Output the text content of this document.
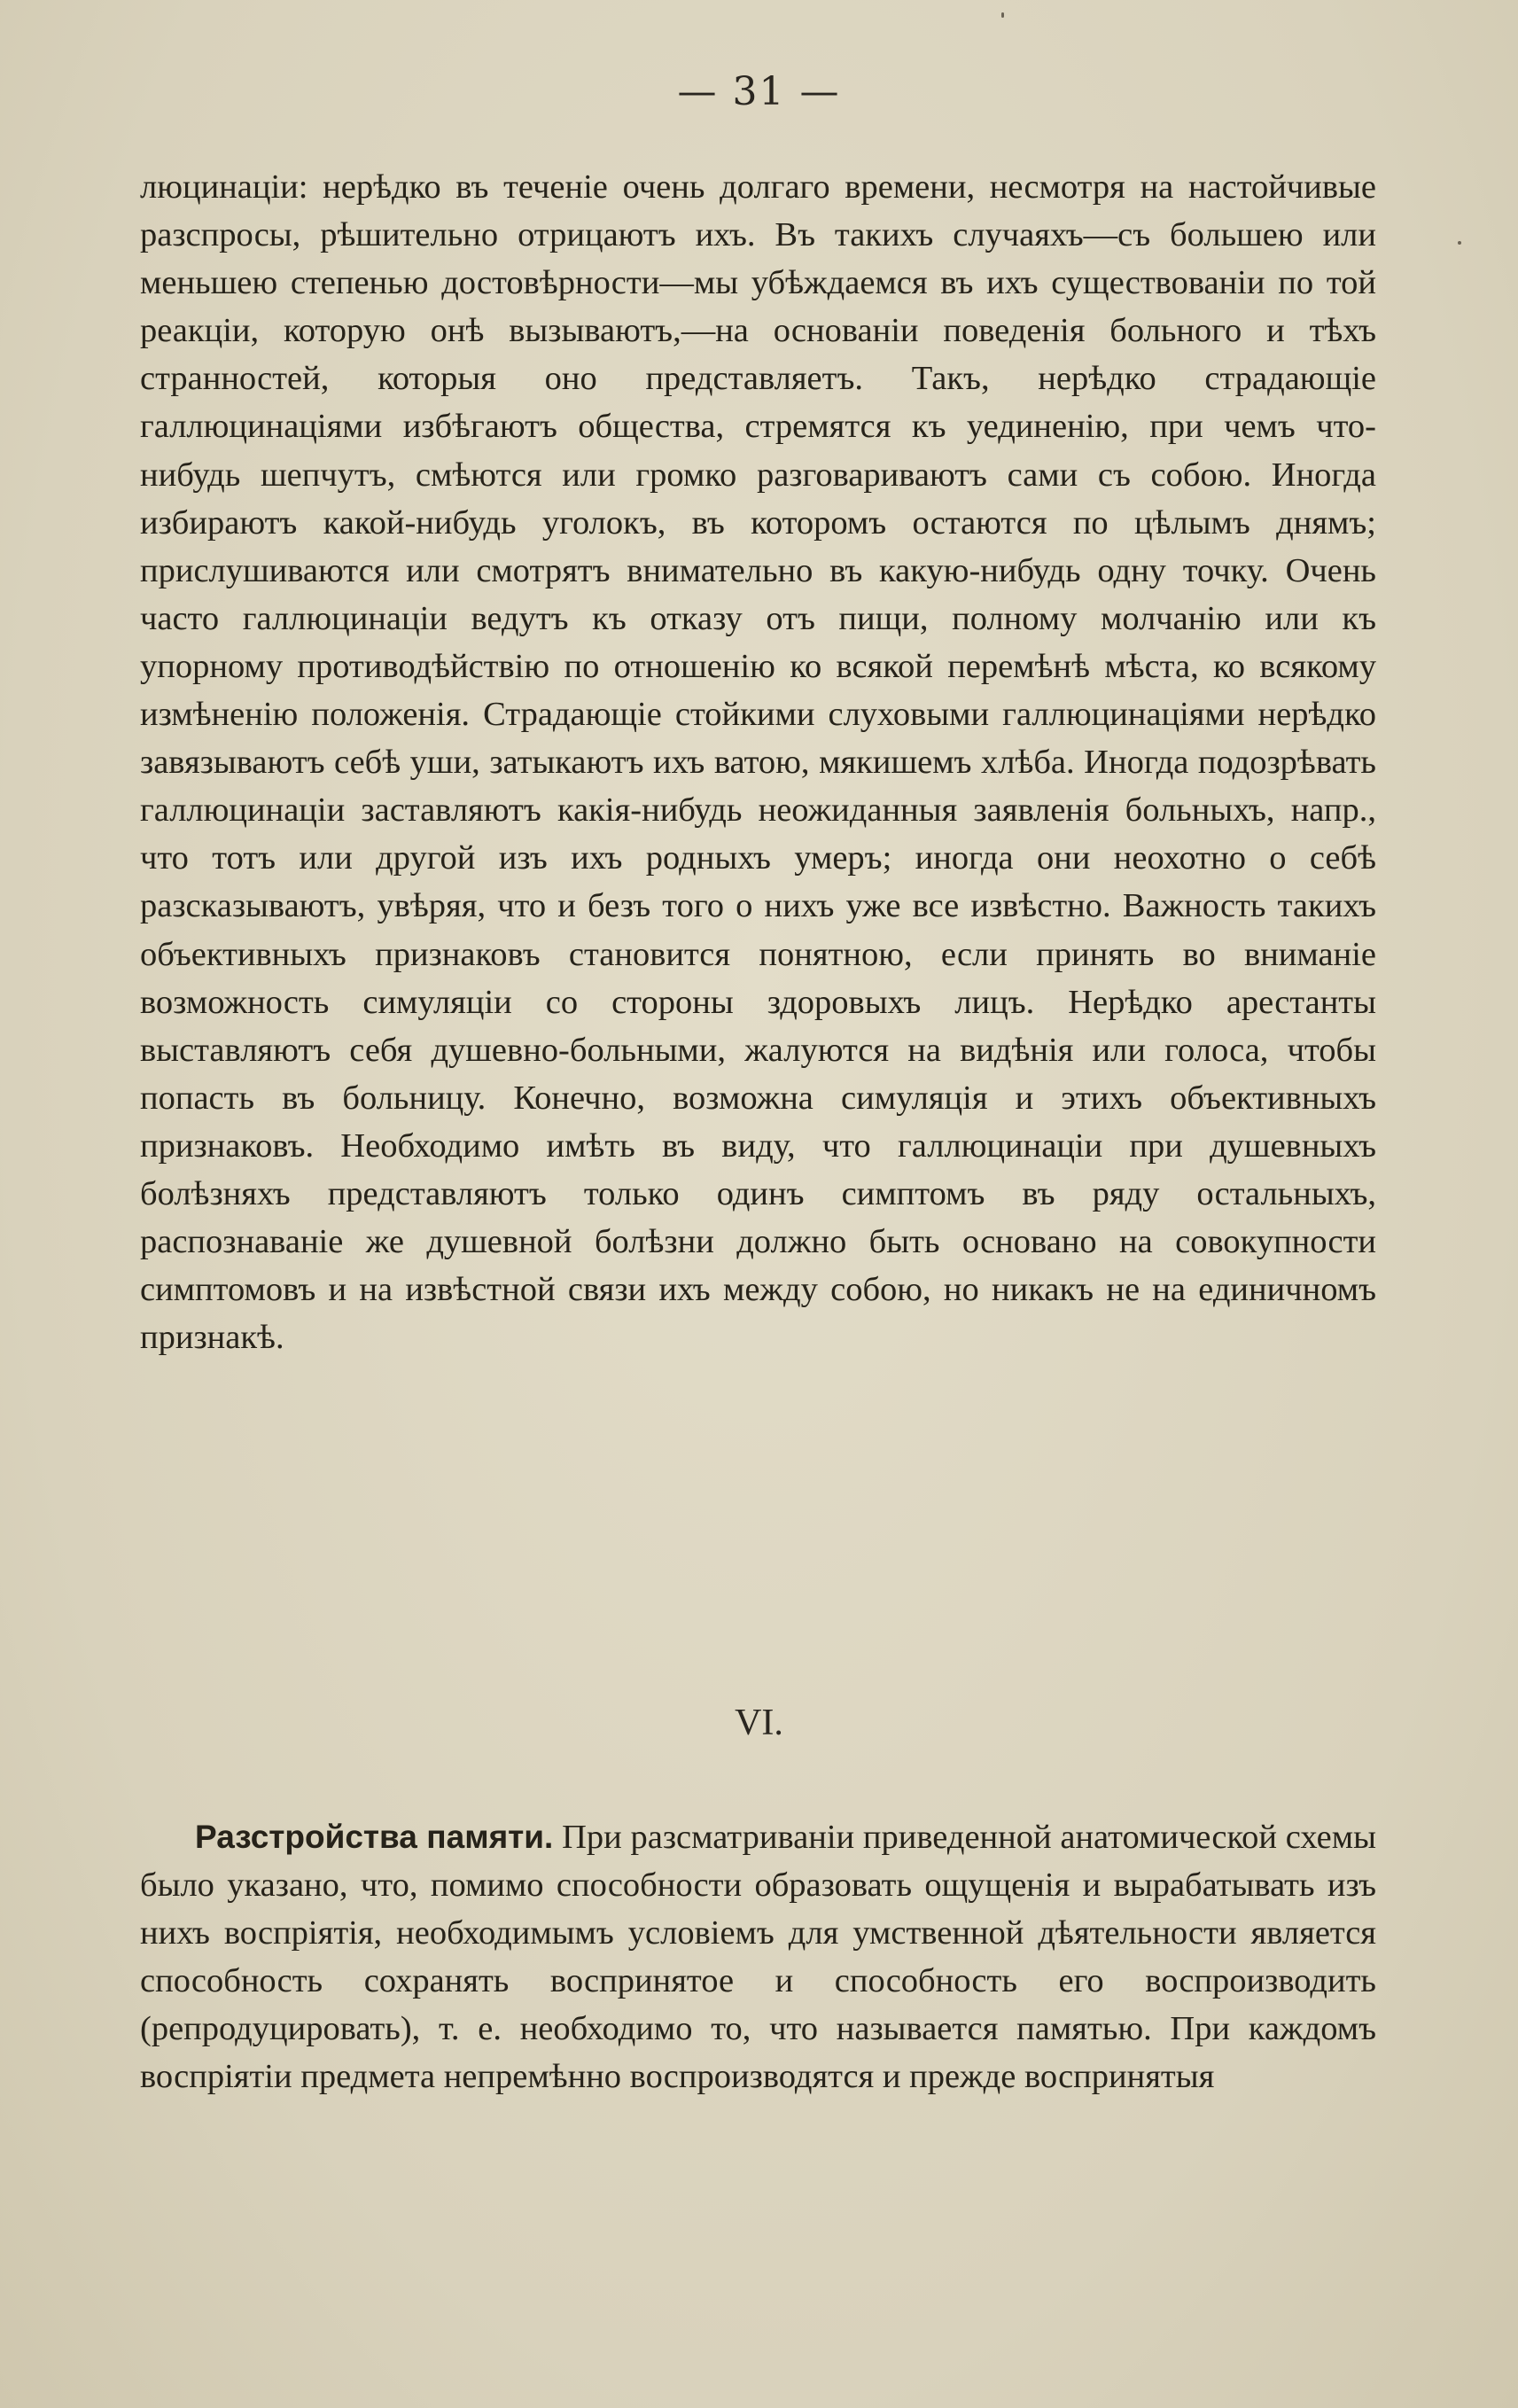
— 31 —
люцинаціи: нерѣдко въ теченіе очень долгаго времени, несмотря на настойчивые разспросы, рѣшительно отрицаютъ ихъ. Въ такихъ случаяхъ—съ большею или меньшею степенью достовѣрности—мы убѣждаемся въ ихъ существованіи по той реакціи, которую онѣ вызываютъ,—на основаніи поведенія больного и тѣхъ странностей, которыя оно представляетъ. Такъ, нерѣдко страдающіе галлюцинаціями избѣгаютъ общества, стремятся къ уединенію, при чемъ что-нибудь шепчутъ, смѣются или громко разговариваютъ сами съ собою. Иногда избираютъ какой-нибудь уголокъ, въ которомъ остаются по цѣлымъ днямъ; прислушиваются или смотрятъ внимательно въ какую-нибудь одну точку. Очень часто галлюцинаціи ведутъ къ отказу отъ пищи, полному молчанію или къ упорному противодѣйствію по отношенію ко всякой перемѣнѣ мѣста, ко всякому измѣненію положенія. Страдающіе стойкими слуховыми галлюцинаціями нерѣдко завязываютъ себѣ уши, затыкаютъ ихъ ватою, мякишемъ хлѣба. Иногда подозрѣвать галлюцинаціи заставляютъ какія-нибудь неожиданныя заявленія больныхъ, напр., что тотъ или другой изъ ихъ родныхъ умеръ; иногда они неохотно о себѣ разсказываютъ, увѣряя, что и безъ того о нихъ уже все извѣстно. Важность такихъ объективныхъ признаковъ становится понятною, если принять во вниманіе возможность симуляціи со стороны здоровыхъ лицъ. Нерѣдко арестанты выставляютъ себя душевно-больными, жалуются на видѣнія или голоса, чтобы попасть въ больницу. Конечно, возможна симуляція и этихъ объективныхъ признаковъ. Необходимо имѣть въ виду, что галлюцинаціи при душевныхъ болѣзняхъ представляютъ только одинъ симптомъ въ ряду остальныхъ, распознаваніе же душевной болѣзни должно быть основано на совокупности симптомовъ и на извѣстной связи ихъ между собою, но никакъ не на единичномъ признакѣ.
VI.
Разстройства памяти. При разсматриваніи приведенной анатомической схемы было указано, что, помимо способности образовать ощущенія и вырабатывать изъ нихъ воспріятія, необходимымъ условіемъ для умственной дѣятельности является способность сохранять воспринятое и способность его воспроизводить (репродуцировать), т. е. необходимо то, что называется памятью. При каждомъ воспріятіи предмета непремѣнно воспроизводятся и прежде воспринятыя
